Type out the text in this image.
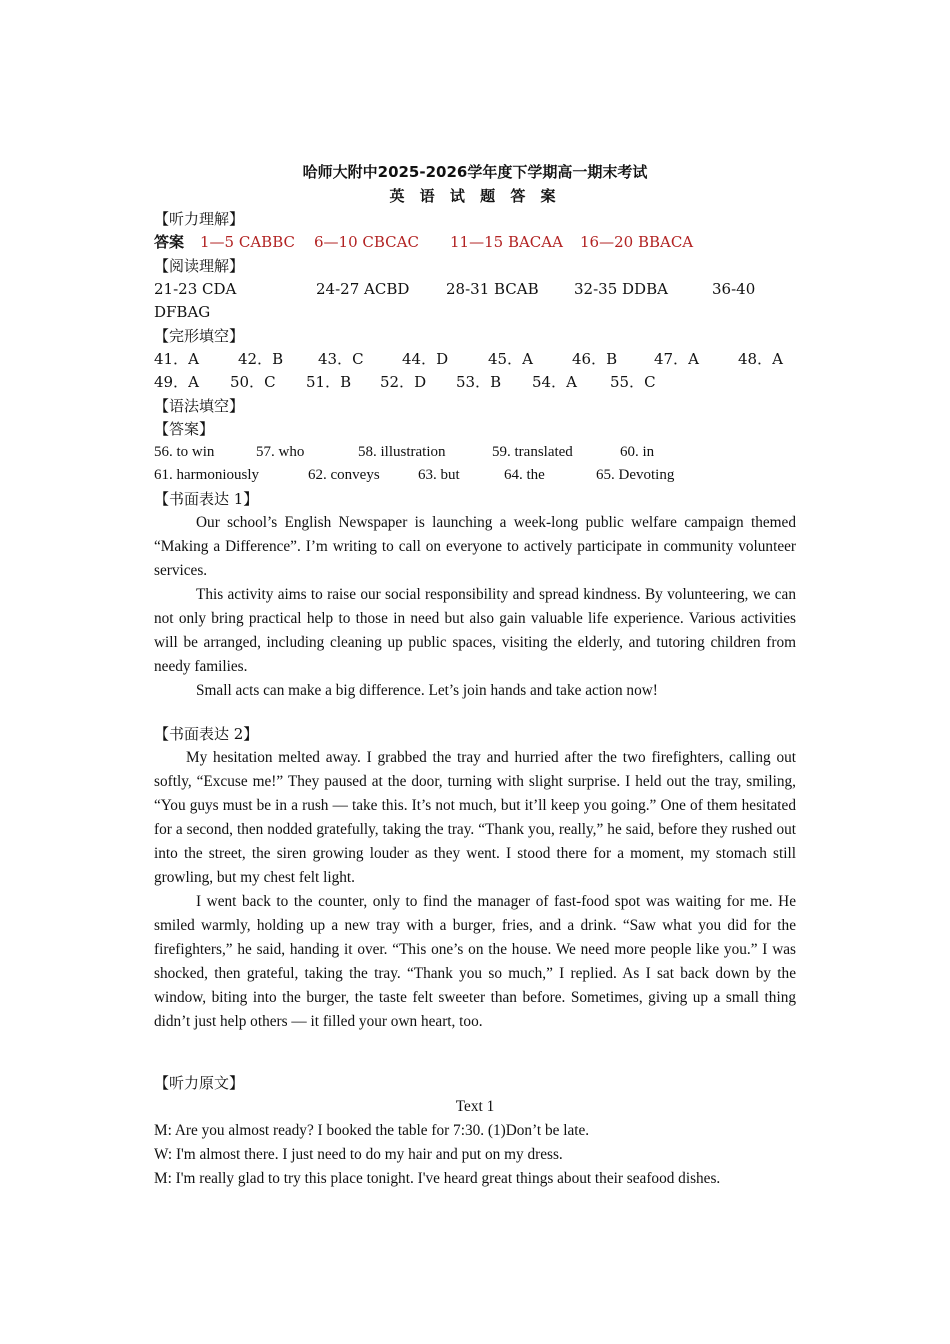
哈师大附中2025-2026学年度下学期高一期末考试
英 语 试 题 答 案
【听力理解】
答案	1—5 CABBC	6—10 CBCAC	11—15 BACAA	16—20 BBACA
【阅读理解】
21-23 CDA	24-27 ACBD	28-31 BCAB	32-35 DDBA	36-40
DFBAG
【完形填空】
41．A	42．B	43．C	44．D	45．A	46．B	47．A	48．A
49．A	50．C	51．B	52．D	53．B	54．A	55．C
【语法填空】
【答案】
56. to win	57. who	58. illustration	59. translated	60. in
61. harmoniously	62. conveys	63. but	64. the	65. Devoting
【书面表达 1】

Our school’s English Newspaper is launching a week-long public welfare campaign themed “Making a Difference”. I’m writing to call on everyone to actively participate in community volunteer services.

This activity aims to raise our social responsibility and spread kindness. By volunteering, we can not only bring practical help to those in need but also gain valuable life experience. Various activities will be arranged, including cleaning up public spaces, visiting the elderly, and tutoring children from needy families.

Small acts can make a big difference. Let’s join hands and take action now!

【书面表达 2】

My hesitation melted away. I grabbed the tray and hurried after the two firefighters, calling out softly, “Excuse me!” They paused at the door, turning with slight surprise. I held out the tray, smiling, “You guys must be in a rush — take this. It’s not much, but it’ll keep you going.” One of them hesitated for a second, then nodded gratefully, taking the tray. “Thank you, really,” he said, before they rushed out into the street, the siren growing louder as they went. I stood there for a moment, my stomach still growling, but my chest felt light.

I went back to the counter, only to find the manager of fast-food spot was waiting for me. He smiled warmly, holding up a new tray with a burger, fries, and a drink. “Saw what you did for the firefighters,” he said, handing it over. “This one’s on the house. We need more people like you.” I was shocked, then grateful, taking the tray. “Thank you so much,” I replied. As I sat back down by the window, biting into the burger, the taste felt sweeter than before. Sometimes, giving up a small thing didn’t just help others — it filled your own heart, too.

【听力原文】
Text 1
M: Are you almost ready? I booked the table for 7:30. (1)Don’t be late.
W: I'm almost there. I just need to do my hair and put on my dress.
M: I'm really glad to try this place tonight. I've heard great things about their seafood dishes.
